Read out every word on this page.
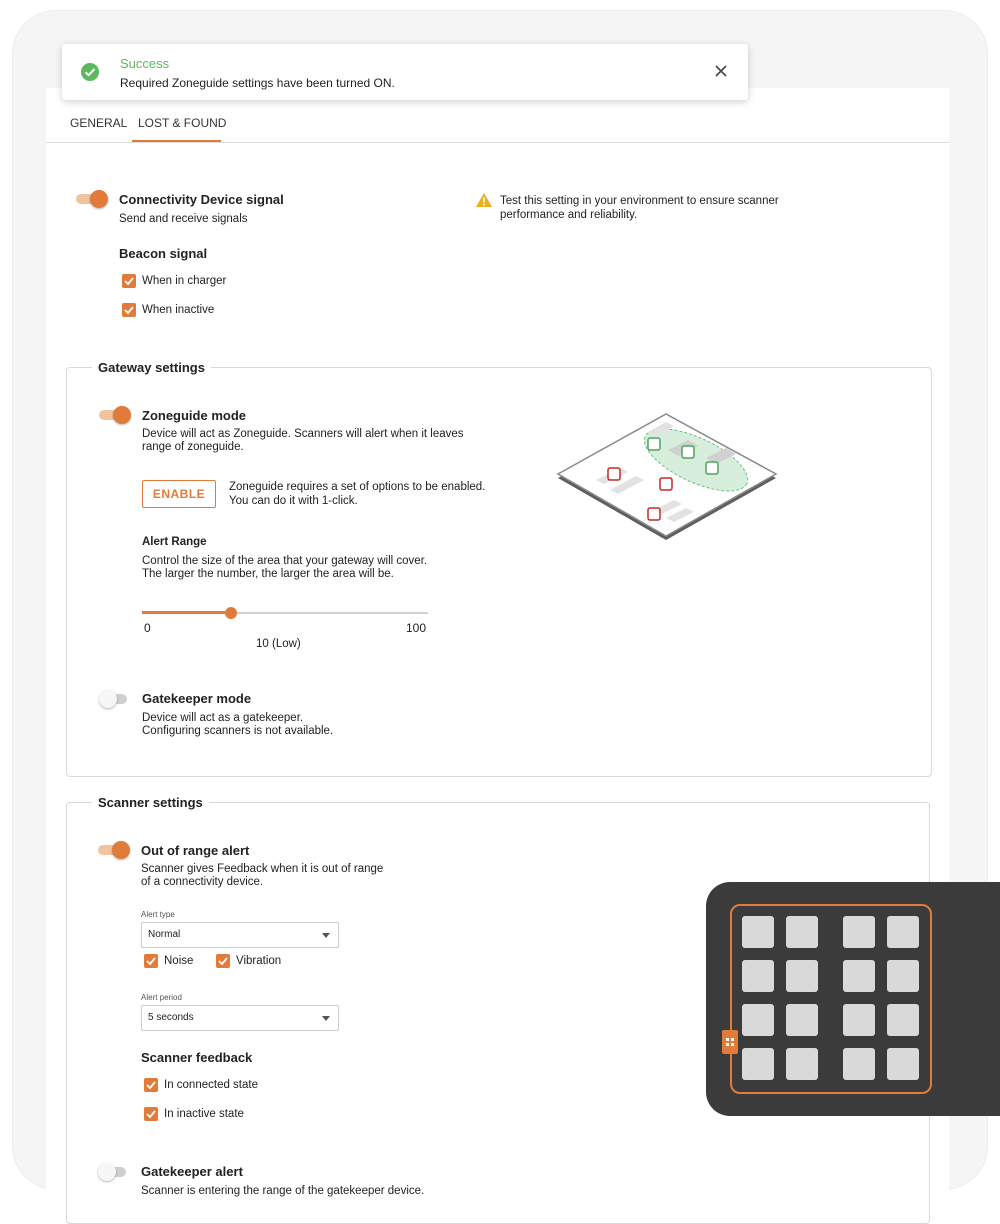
GENERAL LOST & FOUND
Connectivity Device signal
Send and receive signals
Test this setting in your environment to ensure scanner
performance and reliability.
Beacon signal
When in charger
When inactive
Gateway settings
Zoneguide mode
Device will act as Zoneguide. Scanners will alert when it leaves
range of zoneguide.
ENABLE	Zoneguide requires a set of options to be enabled.
You can do it with 1-click.
Alert Range
Control the size of the area that your gateway will cover.
The larger the number, the larger the area will be.
0	100
10 (Low)
Gatekeeper mode
Device will act as a gatekeeper.
Configuring scanners is not available.
Scanner settings
Out of range alert
Scanner gives Feedback when it is out of range
of a connectivity device.
Alert type
Normal
Noise	Vibration
Alert period
5 seconds
Scanner feedback
In connected state
In inactive state
Gatekeeper alert
Scanner is entering the range of the gatekeeper device.
Success
Required Zoneguide settings have been turned ON.
